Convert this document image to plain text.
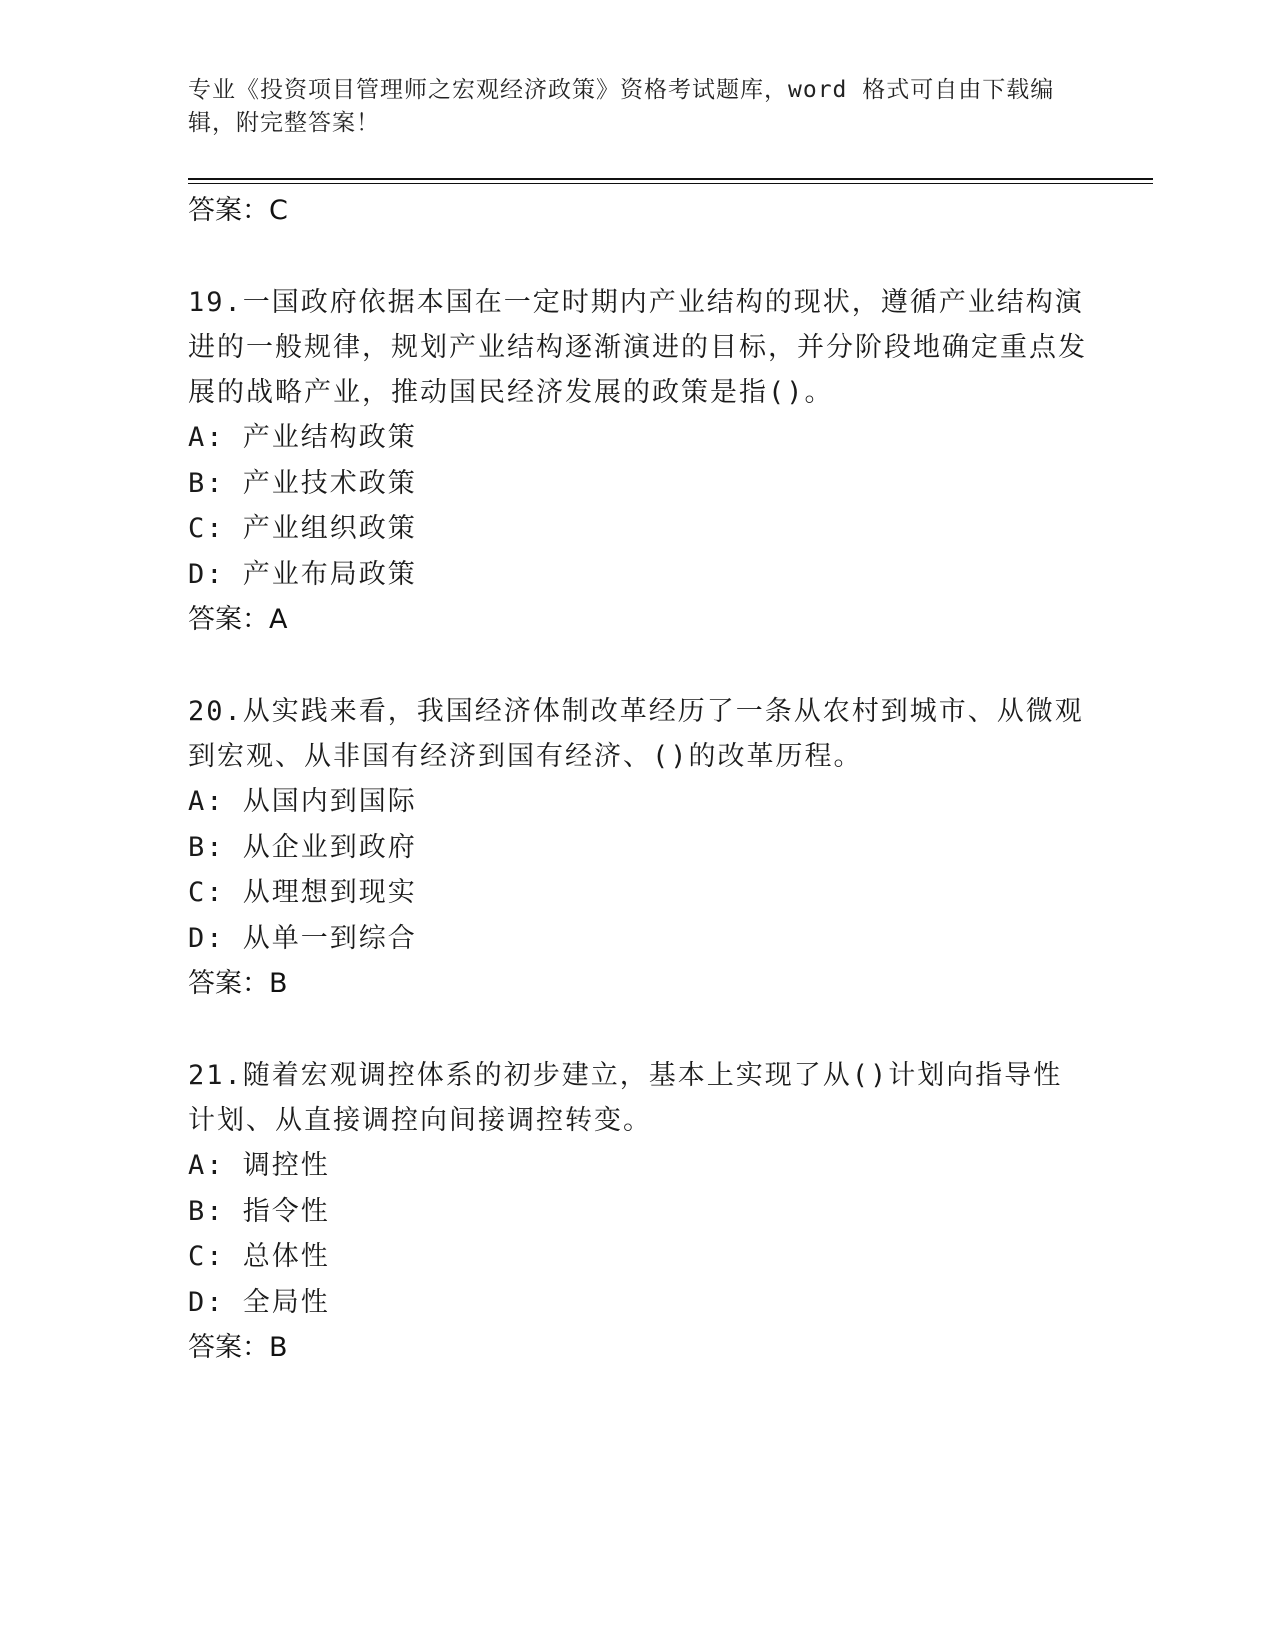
专业《投资项目管理师之宏观经济政策》资格考试题库，word 格式可自由下载编辑，附完整答案！

答案：C

19.一国政府依据本国在一定时期内产业结构的现状，遵循产业结构演进的一般规律，规划产业结构逐渐演进的目标，并分阶段地确定重点发展的战略产业，推动国民经济发展的政策是指()。

A: 产业结构政策

B: 产业技术政策

C: 产业组织政策

D: 产业布局政策

答案：A

20.从实践来看，我国经济体制改革经历了一条从农村到城市、从微观到宏观、从非国有经济到国有经济、()的改革历程。

A: 从国内到国际

B: 从企业到政府

C: 从理想到现实

D: 从单一到综合

答案：B

21.随着宏观调控体系的初步建立，基本上实现了从()计划向指导性计划、从直接调控向间接调控转变。

A: 调控性

B: 指令性

C: 总体性

D: 全局性

答案：B
